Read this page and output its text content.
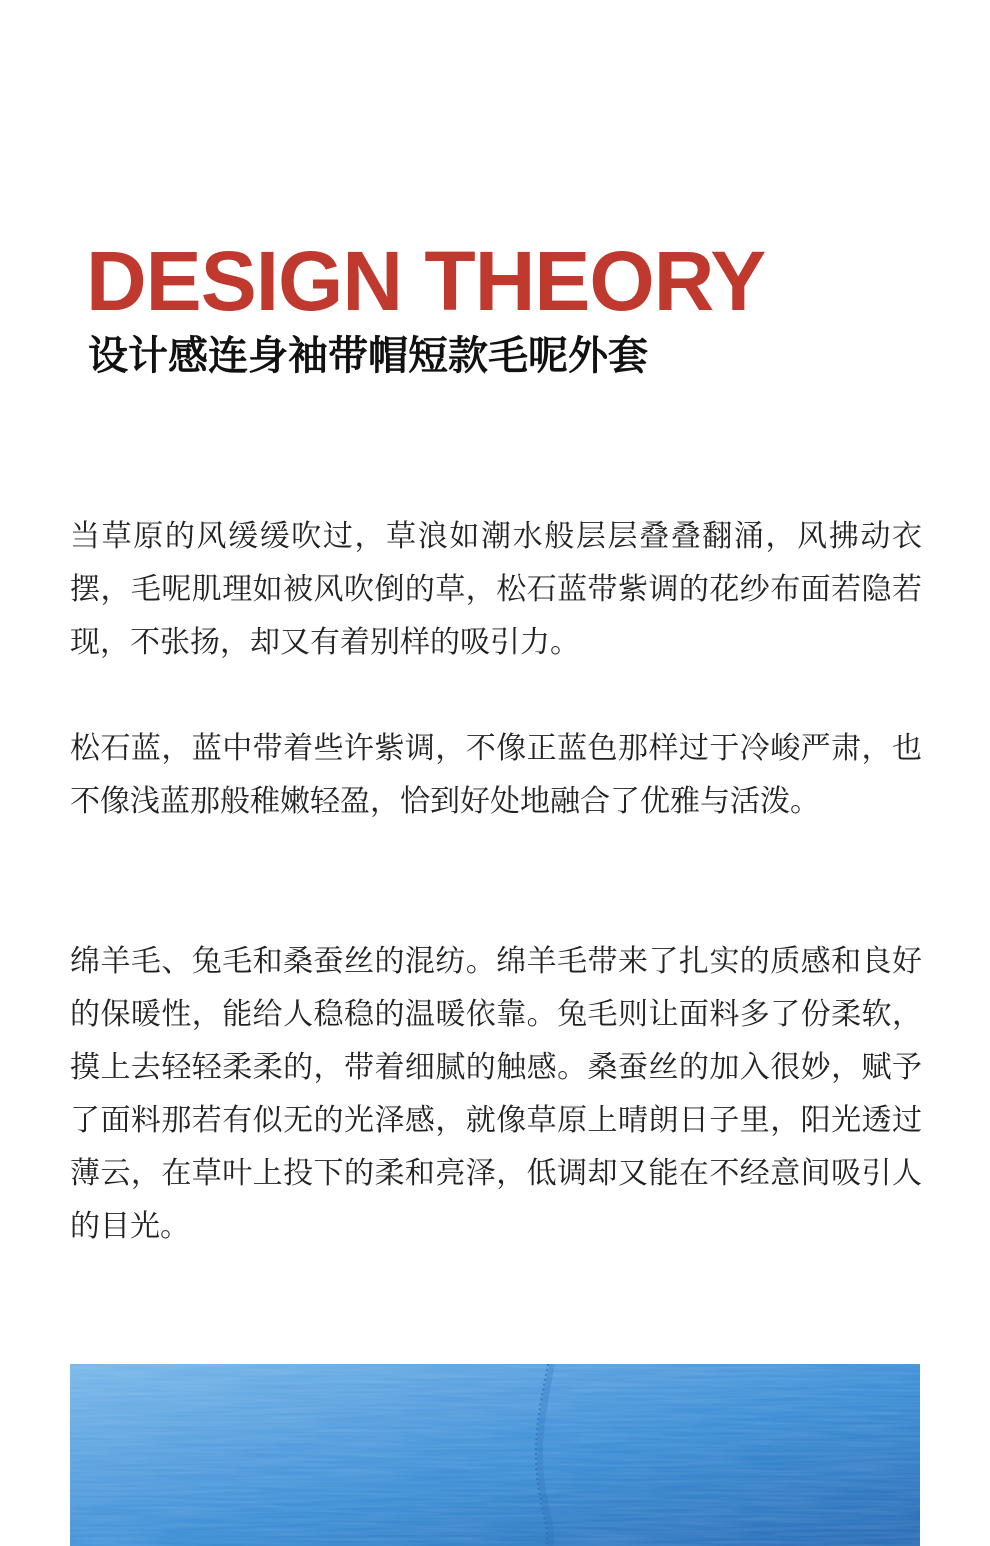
DESIGN THEORY
设计感连身袖带帽短款毛呢外套

当草原的风缓缓吹过，草浪如潮水般层层叠叠翻涌，风拂动衣摆，毛呢肌理如被风吹倒的草，松石蓝带紫调的花纱布面若隐若现，不张扬，却又有着别样的吸引力。

松石蓝，蓝中带着些许紫调，不像正蓝色那样过于冷峻严肃，也不像浅蓝那般稚嫩轻盈，恰到好处地融合了优雅与活泼。

绵羊毛、兔毛和桑蚕丝的混纺。绵羊毛带来了扎实的质感和良好的保暖性，能给人稳稳的温暖依靠。兔毛则让面料多了份柔软，摸上去轻轻柔柔的，带着细腻的触感。桑蚕丝的加入很妙，赋予了面料那若有似无的光泽感，就像草原上晴朗日子里，阳光透过薄云，在草叶上投下的柔和亮泽，低调却又能在不经意间吸引人的目光。
